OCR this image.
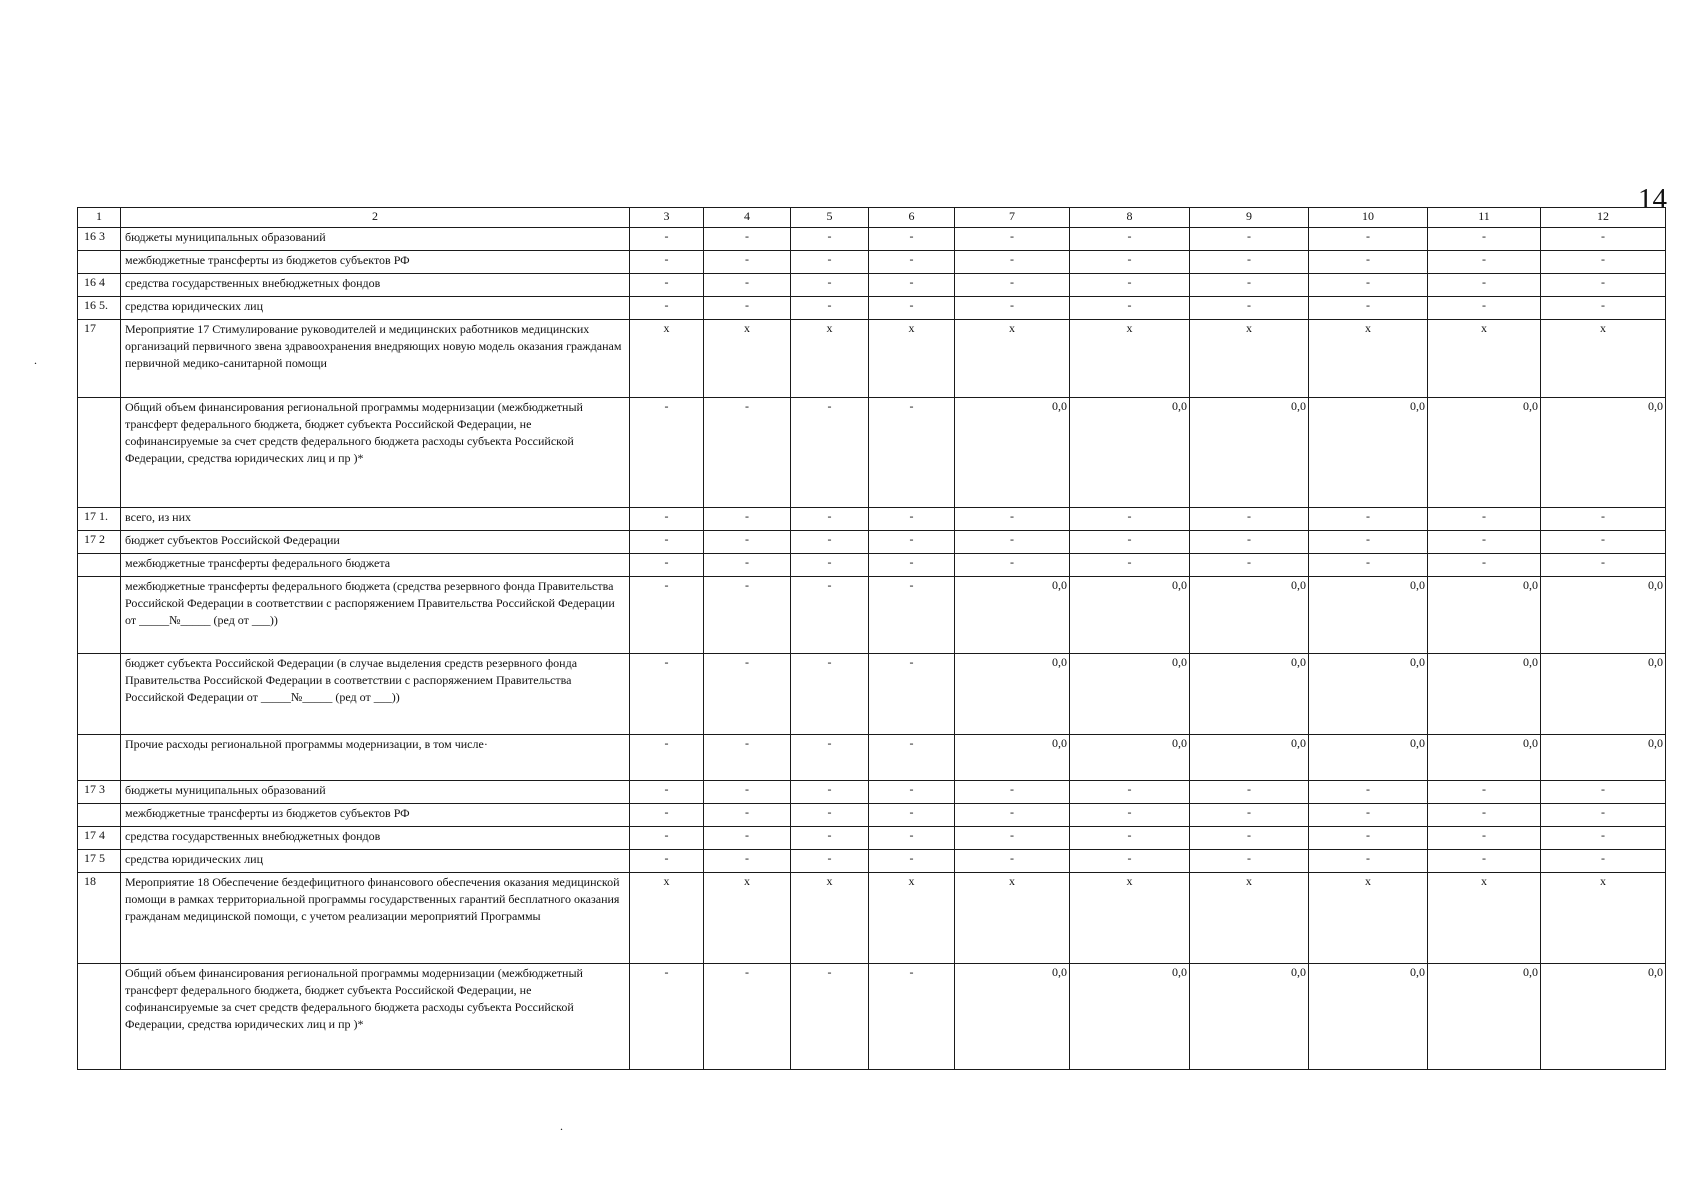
14
.
.
1	2	3	4	5	6	7	8	9	10	11	12
16 3	бюджеты муниципальных образований	-	-	-	-	-	-	-	-	-	-
	межбюджетные трансферты из бюджетов субъектов РФ	-	-	-	-	-	-	-	-	-	-
16 4	средства государственных внебюджетных фондов	-	-	-	-	-	-	-	-	-	-
16 5.	средства юридических лиц	-	-	-	-	-	-	-	-	-	-
17	Мероприятие 17 Стимулирование руководителей и медицинских работников медицинских организаций первичного звена здравоохранения внедряющих новую модель оказания гражданам первичной медико-санитарной помощи	x	x	x	x	x	x	x	x	x	x
	Общий объем финансирования региональной программы модернизации (межбюджетный трансферт федерального бюджета, бюджет субъекта Российской Федерации, не софинансируемые за счет средств федерального бюджета расходы субъекта Российской Федерации, средства юридических лиц и пр )*	-	-	-	-	0,0	0,0	0,0	0,0	0,0	0,0
17 1.	всего, из них	-	-	-	-	-	-	-	-	-	-
17 2	бюджет субъектов Российской Федерации	-	-	-	-	-	-	-	-	-	-
	межбюджетные трансферты федерального бюджета	-	-	-	-	-	-	-	-	-	-
	межбюджетные трансферты федерального бюджета (средства резервного фонда Правительства Российской Федерации в соответствии с распоряжением Правительства Российской Федерации от _____№_____ (ред от ___))	-	-	-	-	0,0	0,0	0,0	0,0	0,0	0,0
	бюджет субъекта Российской Федерации (в случае выделения средств резервного фонда Правительства Российской Федерации в соответствии с распоряжением Правительства Российской Федерации от _____№_____ (ред от ___))	-	-	-	-	0,0	0,0	0,0	0,0	0,0	0,0
	Прочие расходы региональной программы модернизации, в том числе·	-	-	-	-	0,0	0,0	0,0	0,0	0,0	0,0
17 3	бюджеты муниципальных образований	-	-	-	-	-	-	-	-	-	-
	межбюджетные трансферты из бюджетов субъектов РФ	-	-	-	-	-	-	-	-	-	-
17 4	средства государственных внебюджетных фондов	-	-	-	-	-	-	-	-	-	-
17 5	средства юридических лиц	-	-	-	-	-	-	-	-	-	-
18	Мероприятие 18 Обеспечение бездефицитного финансового обеспечения оказания медицинской помощи в рамках территориальной программы государственных гарантий бесплатного оказания гражданам медицинской помощи, с учетом реализации мероприятий Программы	x	x	x	x	x	x	x	x	x	x
	Общий объем финансирования региональной программы модернизации (межбюджетный трансферт федерального бюджета, бюджет субъекта Российской Федерации, не софинансируемые за счет средств федерального бюджета расходы субъекта Российской Федерации, средства юридических лиц и пр )*	-	-	-	-	0,0	0,0	0,0	0,0	0,0	0,0
